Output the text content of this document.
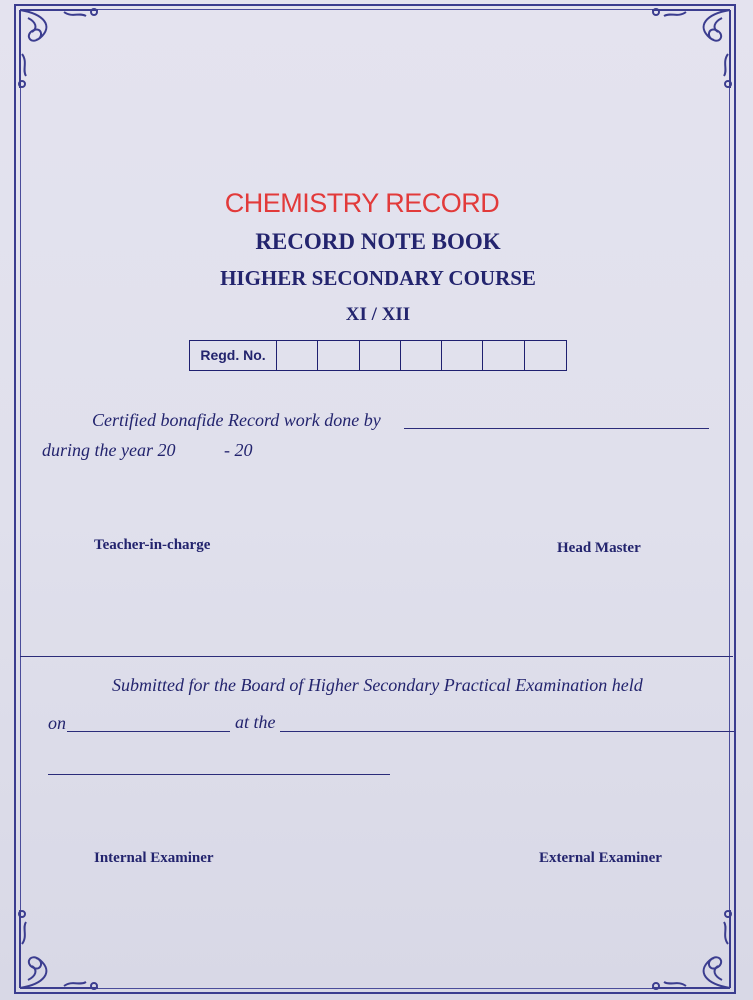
CHEMISTRY RECORD
RECORD NOTE BOOK
HIGHER SECONDARY COURSE
XI / XII
Regd. No.
Certified bonafide Record work done by
during the year 20	- 20
Teacher-in-charge	Head Master
Submitted for the Board of Higher Secondary Practical Examination held
on	at the
Internal Examiner	External Examiner
